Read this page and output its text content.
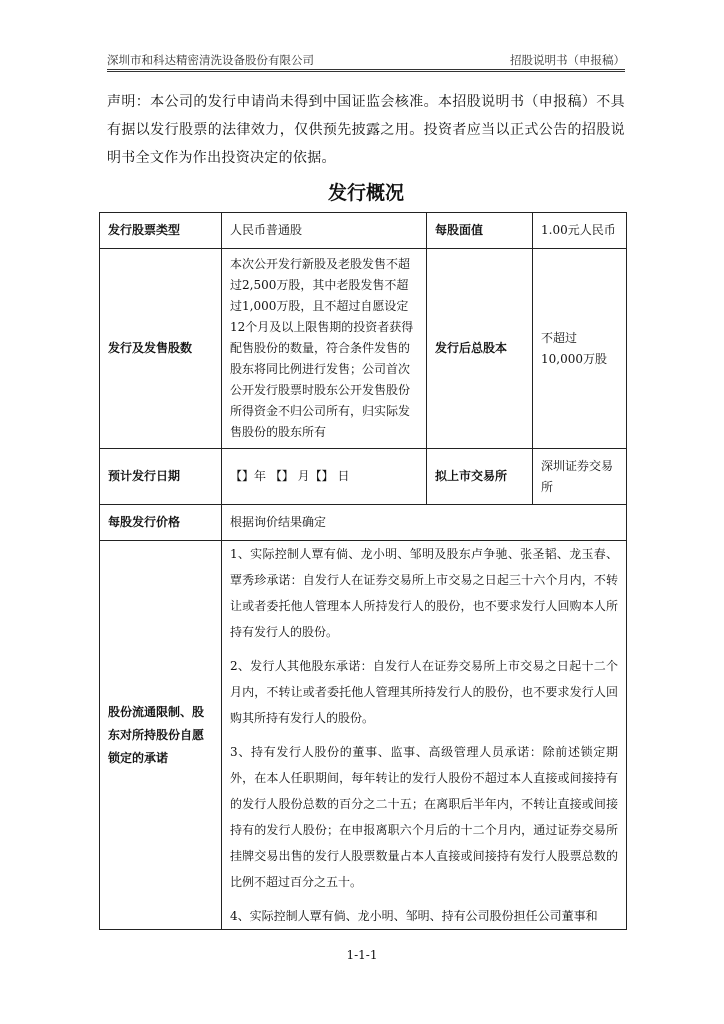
深圳市和科达精密清洗设备股份有限公司	招股说明书（申报稿）

声明：本公司的发行申请尚未得到中国证监会核准。本招股说明书（申报稿）不具有据以发行股票的法律效力，仅供预先披露之用。投资者应当以正式公告的招股说明书全文作为作出投资决定的依据。

发行概况
发行股票类型	人民币普通股	每股面值	1.00元人民币
发行及发售股数	本次公开发行新股及老股发售不超过2,500万股，其中老股发售不超过1,000万股，且不超过自愿设定12个月及以上限售期的投资者获得配售股份的数量，符合条件发售的股东将同比例进行发售；公司首次公开发行股票时股东公开发售股份所得资金不归公司所有，归实际发售股份的股东所有	发行后总股本	不超过10,000万股
预计发行日期	【】年 【】 月【】 日	拟上市交易所	深圳证券交易所
每股发行价格	根据询价结果确定		
股份流通限制、股东对所持股份自愿锁定的承诺	1、实际控制人覃有倘、龙小明、邹明及股东卢争驰、张圣韬、龙玉春、覃秀珍承诺：自发行人在证券交易所上市交易之日起三十六个月内，不转让或者委托他人管理本人所持发行人的股份，也不要求发行人回购本人所持有发行人的股份。

2、发行人其他股东承诺：自发行人在证券交易所上市交易之日起十二个月内，不转让或者委托他人管理其所持发行人的股份，也不要求发行人回购其所持有发行人的股份。

3、持有发行人股份的董事、监事、高级管理人员承诺：除前述锁定期外，在本人任职期间，每年转让的发行人股份不超过本人直接或间接持有的发行人股份总数的百分之二十五；在离职后半年内，不转让直接或间接持有的发行人股份；在申报离职六个月后的十二个月内，通过证券交易所挂牌交易出售的发行人股票数量占本人直接或间接持有发行人股票总数的比例不超过百分之五十。

4、实际控制人覃有倘、龙小明、邹明、持有公司股份担任公司董事和		

1-1-1
